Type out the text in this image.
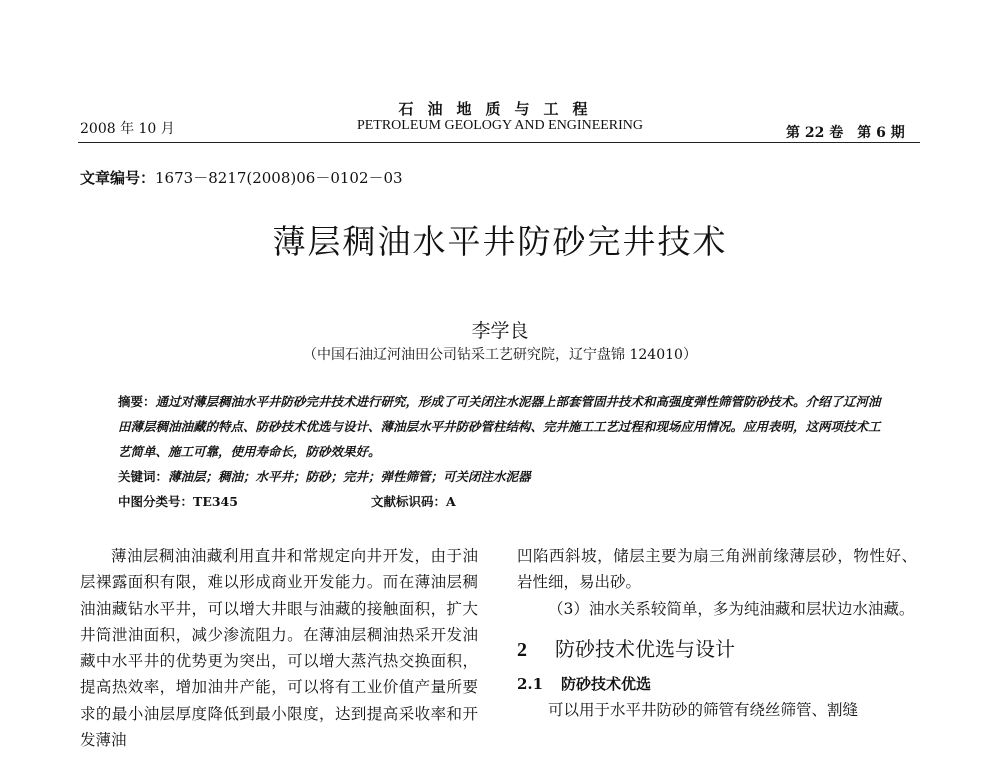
石油地质与工程
2008 年 10 月	PETROLEUM GEOLOGY AND ENGINEERING	第 22 卷　第 6 期
文章编号：1673－8217(2008)06－0102－03
薄层稠油水平井防砂完井技术
李学良
（中国石油辽河油田公司钻采工艺研究院，辽宁盘锦 124010）
摘要：通过对薄层稠油水平井防砂完井技术进行研究，形成了可关闭注水泥器上部套管固井技术和高强度弹性筛管防砂技术。介绍了辽河油田薄层稠油油藏的特点、防砂技术优选与设计、薄油层水平井防砂管柱结构、完井施工工艺过程和现场应用情况。应用表明，这两项技术工艺简单、施工可靠，使用寿命长，防砂效果好。
关键词：薄油层；稠油；水平井；防砂；完井；弹性筛管；可关闭注水泥器
中图分类号：TE345	文献标识码：A

薄油层稠油油藏利用直井和常规定向井开发，由于油层裸露面积有限，难以形成商业开发能力。而在薄油层稠油油藏钻水平井，可以增大井眼与油藏的接触面积，扩大井筒泄油面积，减少渗流阻力。在薄油层稠油热采开发油藏中水平井的优势更为突出，可以增大蒸汽热交换面积，提高热效率，增加油井产能，可以将有工业价值产量所要求的最小油层厚度降低到最小限度，达到提高采收率和开发薄油

凹陷西斜坡，储层主要为扇三角洲前缘薄层砂，物性好、岩性细，易出砂。

（3）油水关系较简单，多为纯油藏和层状边水油藏。

2 防砂技术优选与设计

2.1 防砂技术优选

可以用于水平井防砂的筛管有绕丝筛管、割缝
